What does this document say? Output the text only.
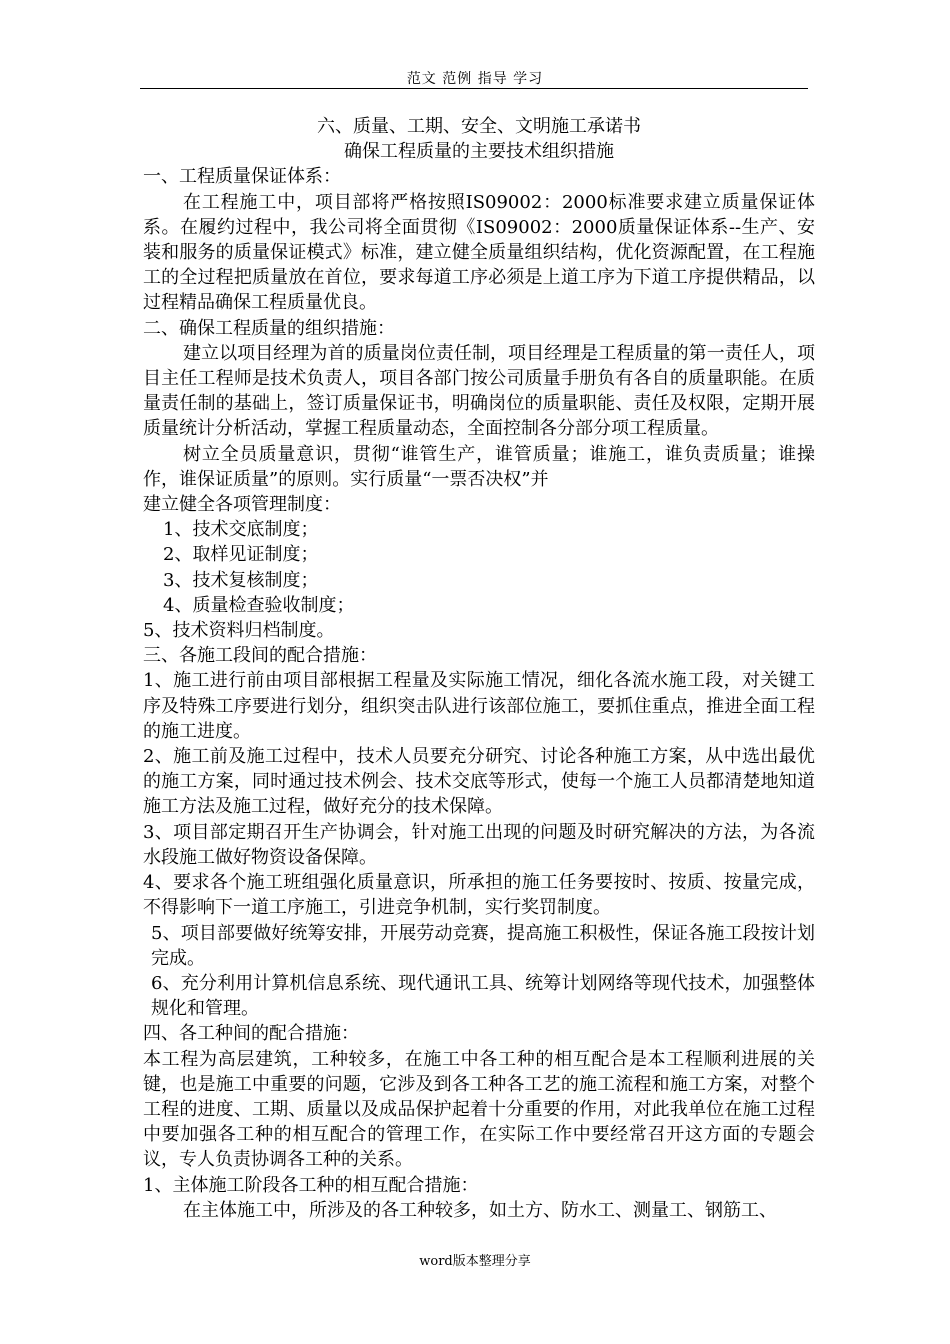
范文 范例 指导 学习

六、质量、工期、安全、文明施工承诺书

确保工程质量的主要技术组织措施

一、工程质量保证体系：

在工程施工中，项目部将严格按照IS09002：2000标准要求建立质量保证体系。在履约过程中，我公司将全面贯彻《IS09002：2000质量保证体系--生产、安装和服务的质量保证模式》标准，建立健全质量组织结构，优化资源配置，在工程施工的全过程把质量放在首位，要求每道工序必须是上道工序为下道工序提供精品，以过程精品确保工程质量优良。

二、确保工程质量的组织措施：

建立以项目经理为首的质量岗位责任制，项目经理是工程质量的第一责任人，项目主任工程师是技术负责人，项目各部门按公司质量手册负有各自的质量职能。在质量责任制的基础上，签订质量保证书，明确岗位的质量职能、责任及权限，定期开展质量统计分析活动，掌握工程质量动态，全面控制各分部分项工程质量。

树立全员质量意识，贯彻“谁管生产，谁管质量；谁施工，谁负责质量；谁操作，谁保证质量”的原则。实行质量“一票否决权”并

建立健全各项管理制度：

1、技术交底制度；

2、取样见证制度；

3、技术复核制度；

4、质量检查验收制度；

5、技术资料归档制度。

三、各施工段间的配合措施：

1、施工进行前由项目部根据工程量及实际施工情况，细化各流水施工段，对关键工序及特殊工序要进行划分，组织突击队进行该部位施工，要抓住重点，推进全面工程的施工进度。

2、施工前及施工过程中，技术人员要充分研究、讨论各种施工方案，从中选出最优的施工方案，同时通过技术例会、技术交底等形式，使每一个施工人员都清楚地知道施工方法及施工过程，做好充分的技术保障。

3、项目部定期召开生产协调会，针对施工出现的问题及时研究解决的方法，为各流水段施工做好物资设备保障。

4、要求各个施工班组强化质量意识，所承担的施工任务要按时、按质、按量完成，不得影响下一道工序施工，引进竞争机制，实行奖罚制度。

5、项目部要做好统筹安排，开展劳动竞赛，提高施工积极性，保证各施工段按计划完成。

6、充分利用计算机信息系统、现代通讯工具、统筹计划网络等现代技术，加强整体规化和管理。

四、各工种间的配合措施：

本工程为高层建筑，工种较多，在施工中各工种的相互配合是本工程顺利进展的关键，也是施工中重要的问题，它涉及到各工种各工艺的施工流程和施工方案，对整个工程的进度、工期、质量以及成品保护起着十分重要的作用，对此我单位在施工过程中要加强各工种的相互配合的管理工作，在实际工作中要经常召开这方面的专题会议，专人负责协调各工种的关系。

1、主体施工阶段各工种的相互配合措施：

在主体施工中，所涉及的各工种较多，如土方、防水工、测量工、钢筋工、

word版本整理分享
